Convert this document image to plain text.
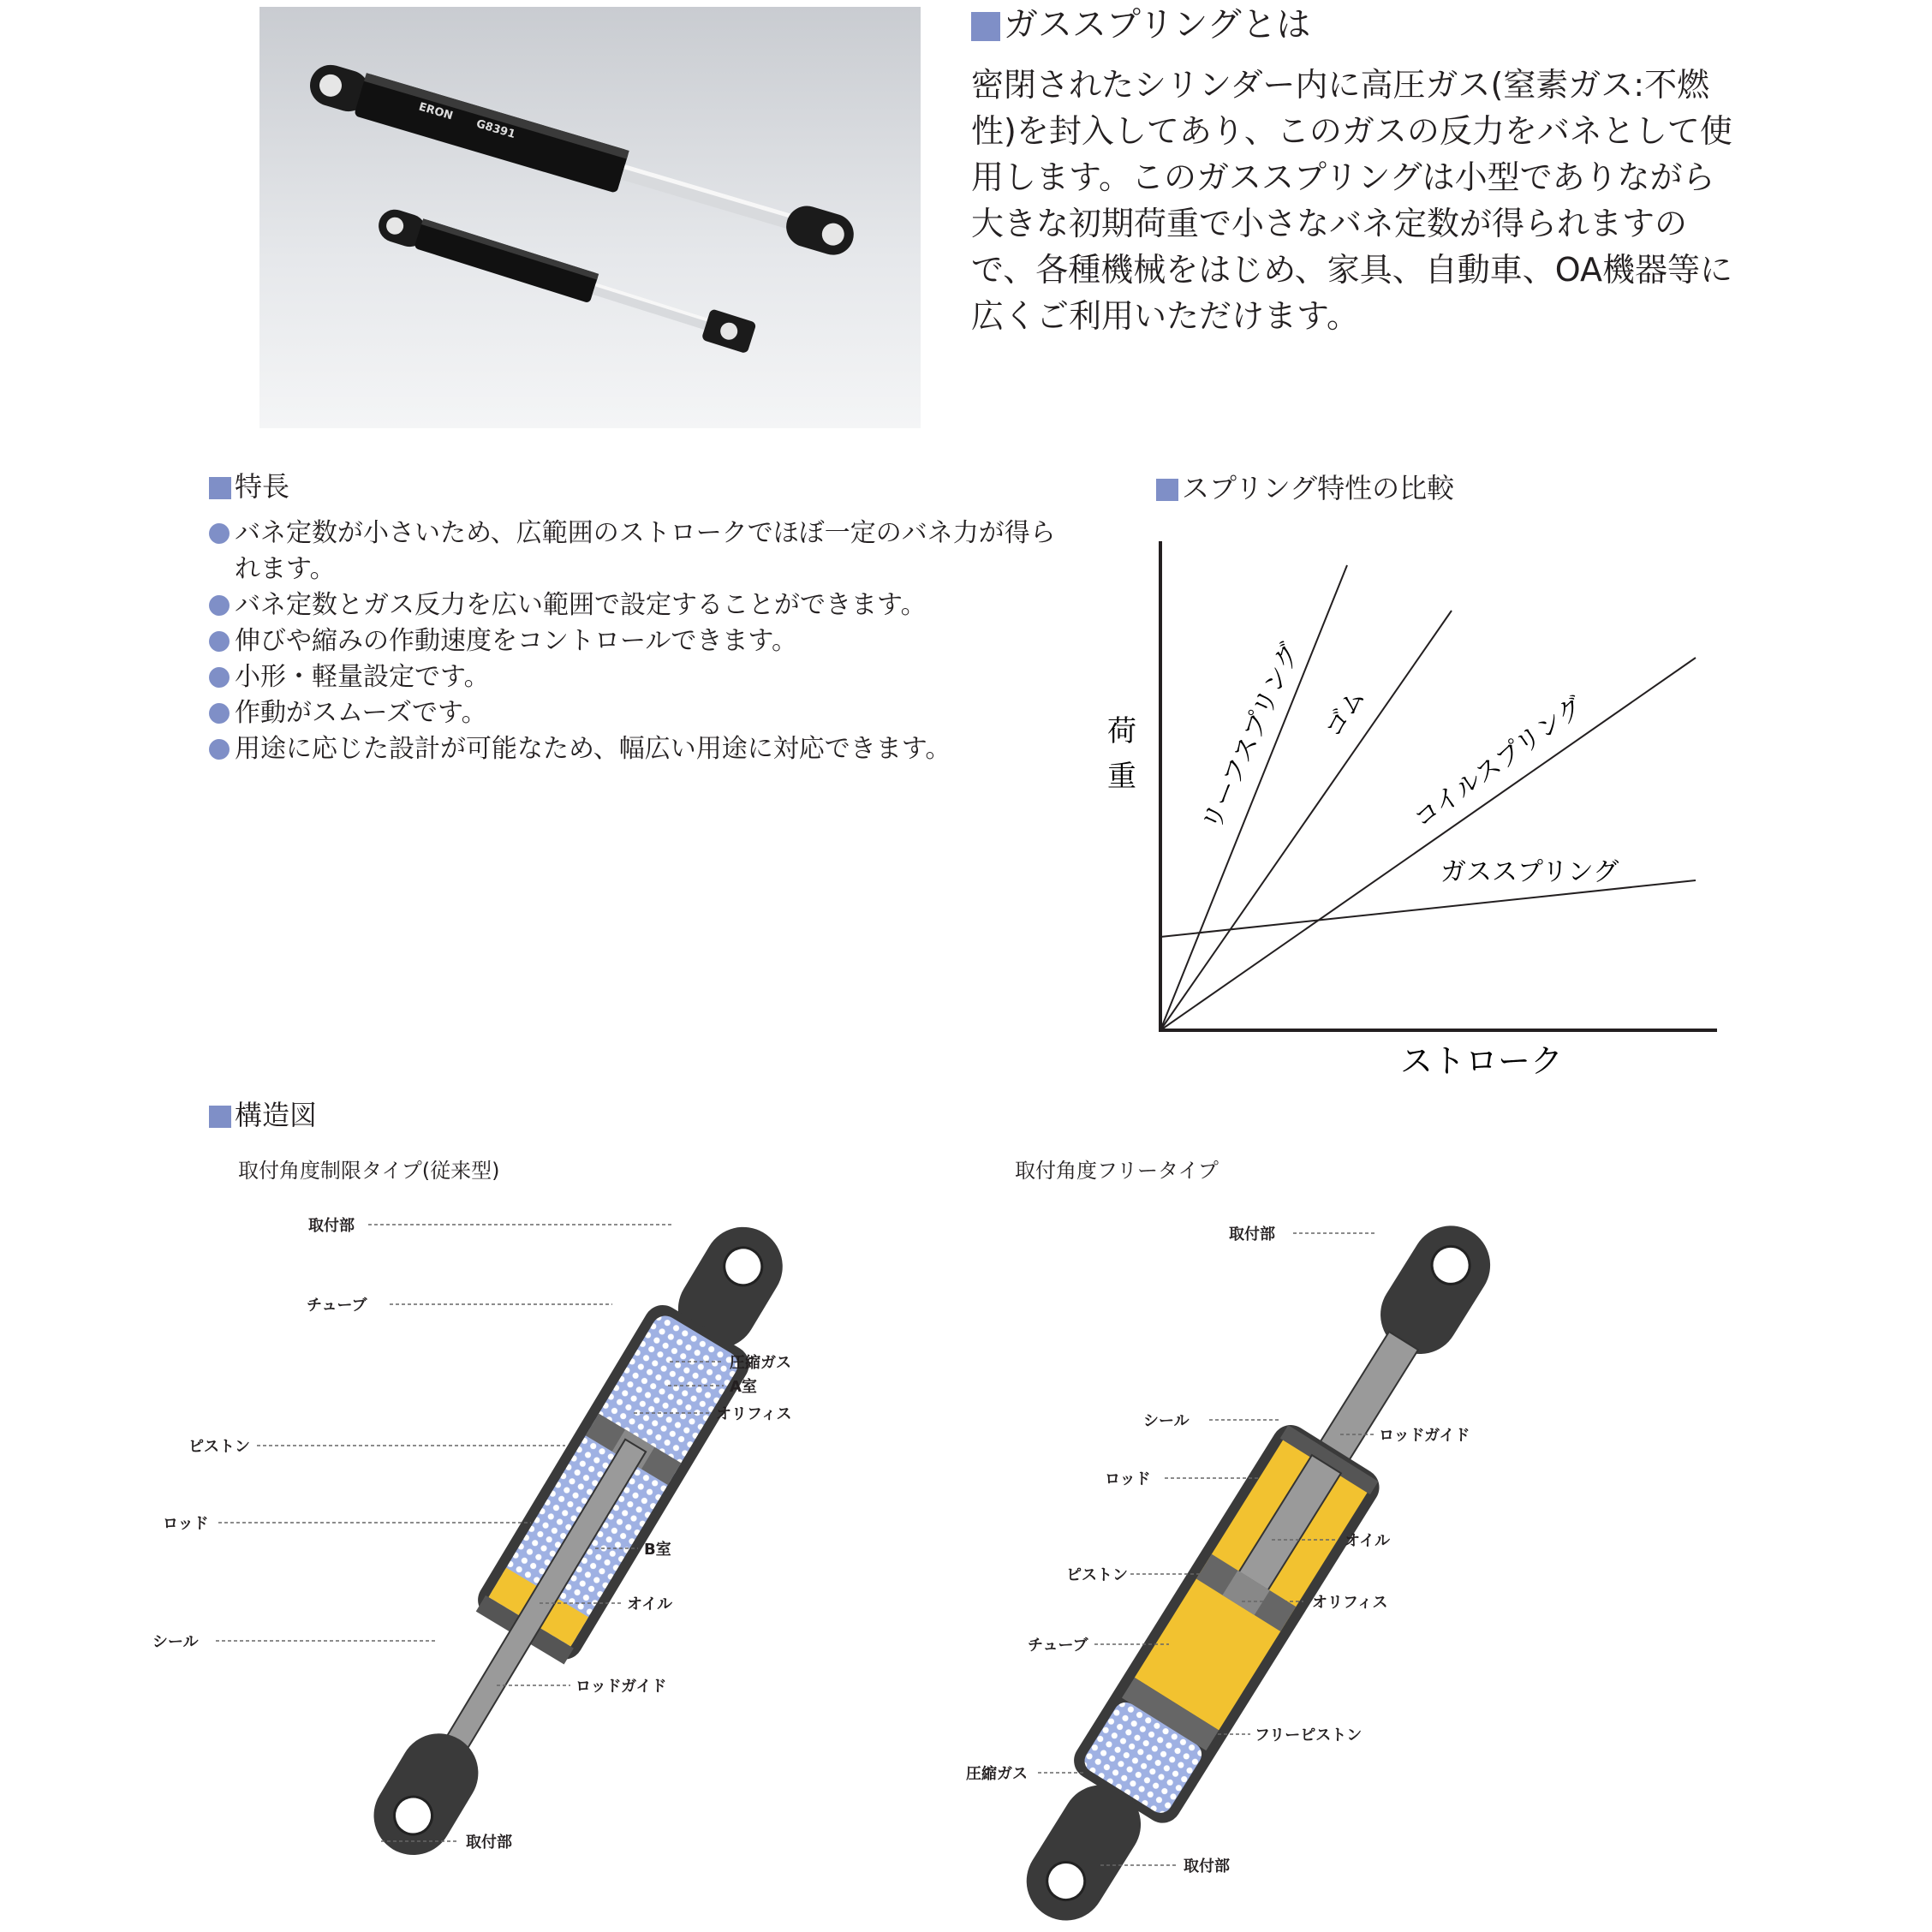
ERON
G8391
ガススプリングとは
密閉されたシリンダー内に高圧ガス(窒素ガス:不燃性)を封入してあり、このガスの反力をバネとして使用します。このガススプリングは小型でありながら大きな初期荷重で小さなバネ定数が得られますので、各種機械をはじめ、家具、自動車、OA機器等に広くご利用いただけます。
特長
バネ定数が小さいため、広範囲のストロークでほぼ一定のバネ力が得られます。
バネ定数とガス反力を広い範囲で設定することができます。
伸びや縮みの作動速度をコントロールできます。
小形・軽量設定です。
作動がスムーズです。
用途に応じた設計が可能なため、幅広い用途に対応できます。
スプリング特性の比較
荷
重
ストローク
リーフスプリング ゴム コイルスプリング
ガススプリング
構造図
取付角度制限タイプ(従来型)	取付角度フリータイプ
取付部
チューブ
圧縮ガス
A室
オリフィス
ピストン
ロッド
B室
オイル
シール
ロッドガイド
取付部
取付部
シール
ロッドガイド
ロッド
オイル
ピストン
オリフィス
チューブ
フリーピストン
圧縮ガス
取付部
